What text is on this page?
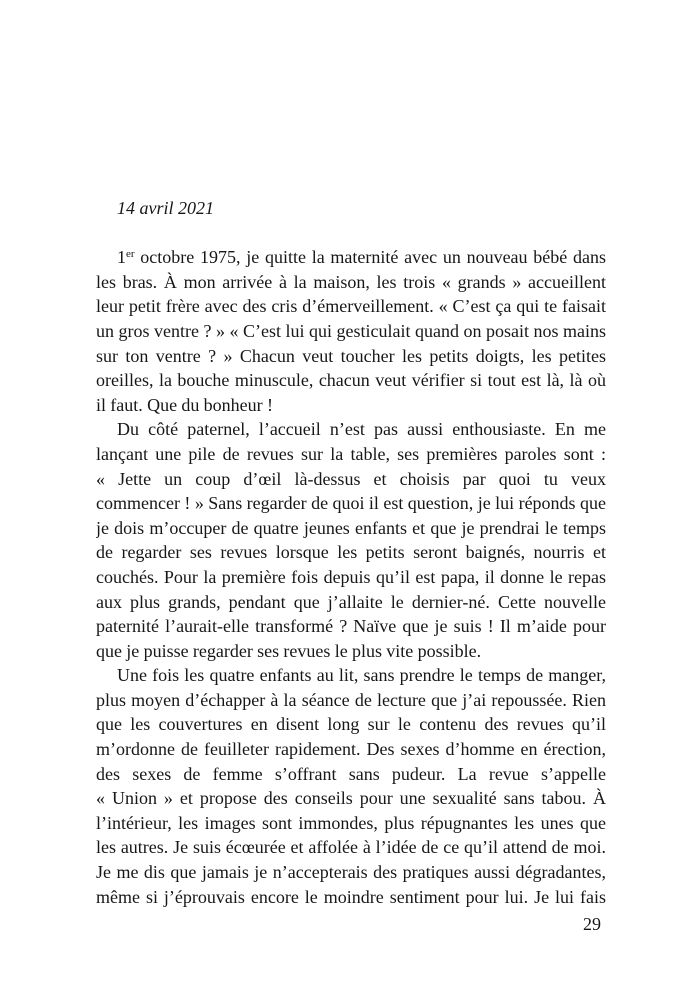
14 avril 2021

1er octobre 1975, je quitte la maternité avec un nouveau bébé dans
les bras. À mon arrivée à la maison, les trois « grands » accueillent
leur petit frère avec des cris d’émerveillement. « C’est ça qui te faisait
un gros ventre ? » « C’est lui qui gesticulait quand on posait nos mains
sur ton ventre ? » Chacun veut toucher les petits doigts, les petites
oreilles, la bouche minuscule, chacun veut vérifier si tout est là, là où
il faut. Que du bonheur !

Du côté paternel, l’accueil n’est pas aussi enthousiaste. En me
lançant une pile de revues sur la table, ses premières paroles sont :
« Jette un coup d’œil là-dessus et choisis par quoi tu veux
commencer ! » Sans regarder de quoi il est question, je lui réponds que
je dois m’occuper de quatre jeunes enfants et que je prendrai le temps
de regarder ses revues lorsque les petits seront baignés, nourris et
couchés. Pour la première fois depuis qu’il est papa, il donne le repas
aux plus grands, pendant que j’allaite le dernier-né. Cette nouvelle
paternité l’aurait-elle transformé ? Naïve que je suis ! Il m’aide pour
que je puisse regarder ses revues le plus vite possible.

Une fois les quatre enfants au lit, sans prendre le temps de manger,
plus moyen d’échapper à la séance de lecture que j’ai repoussée. Rien
que les couvertures en disent long sur le contenu des revues qu’il
m’ordonne de feuilleter rapidement. Des sexes d’homme en érection,
des sexes de femme s’offrant sans pudeur. La revue s’appelle
« Union » et propose des conseils pour une sexualité sans tabou. À
l’intérieur, les images sont immondes, plus répugnantes les unes que
les autres. Je suis écœurée et affolée à l’idée de ce qu’il attend de moi.
Je me dis que jamais je n’accepterais des pratiques aussi dégradantes,
même si j’éprouvais encore le moindre sentiment pour lui. Je lui fais

29
